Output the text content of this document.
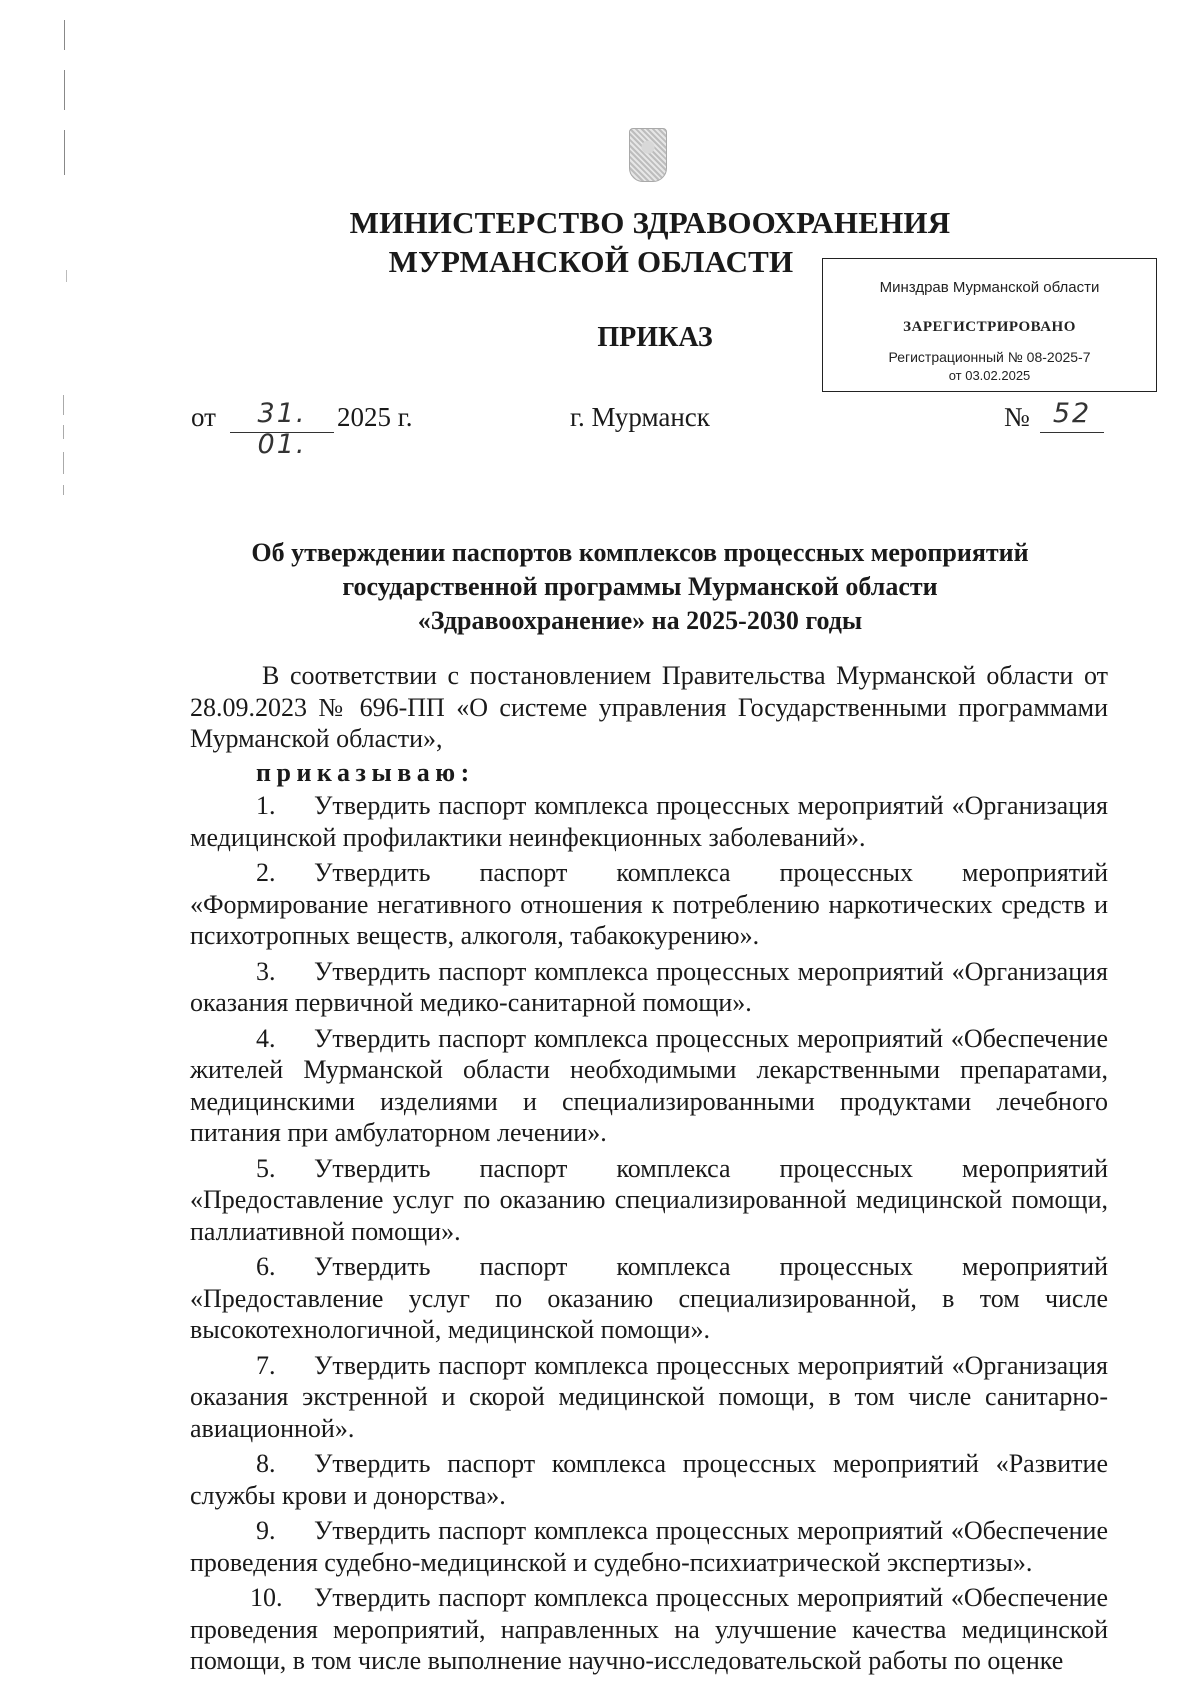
МИНИСТЕРСТВО ЗДРАВООХРАНЕНИЯ
МУРМАНСКОЙ ОБЛАСТИ
Минздрав Мурманской области
ЗАРЕГИСТРИРОВАНО
Регистрационный № 08-2025-7
от 03.02.2025
ПРИКАЗ
от	31. 01.
2025 г.	г. Мурманск	№ 52
Об утверждении паспортов комплексов процессных мероприятий
государственной программы Мурманской области
«Здравоохранение» на 2025-2030 годы

В соответствии с постановлением Правительства Мурманской области от 28.09.2023 № 696-ПП «О системе управления Государственными программами Мурманской области»,

приказываю:

1. Утвердить паспорт комплекса процессных мероприятий «Организация медицинской профилактики неинфекционных заболеваний».

2. Утвердить паспорт комплекса процессных мероприятий «Формирование негативного отношения к потреблению наркотических средств и психотропных веществ, алкоголя, табакокурению».

3. Утвердить паспорт комплекса процессных мероприятий «Организация оказания первичной медико-санитарной помощи».

4. Утвердить паспорт комплекса процессных мероприятий «Обеспечение жителей Мурманской области необходимыми лекарственными препаратами, медицинскими изделиями и специализированными продуктами лечебного питания при амбулаторном лечении».

5. Утвердить паспорт комплекса процессных мероприятий «Предоставление услуг по оказанию специализированной медицинской помощи, паллиативной помощи».

6. Утвердить паспорт комплекса процессных мероприятий «Предоставление услуг по оказанию специализированной, в том числе высокотехнологичной, медицинской помощи».

7. Утвердить паспорт комплекса процессных мероприятий «Организация оказания экстренной и скорой медицинской помощи, в том числе санитарно-авиационной».

8. Утвердить паспорт комплекса процессных мероприятий «Развитие службы крови и донорства».

9. Утвердить паспорт комплекса процессных мероприятий «Обеспечение проведения судебно-медицинской и судебно-психиатрической экспертизы».

10. Утвердить паспорт комплекса процессных мероприятий «Обеспечение проведения мероприятий, направленных на улучшение качества медицинской помощи, в том числе выполнение научно-исследовательской работы по оценке
